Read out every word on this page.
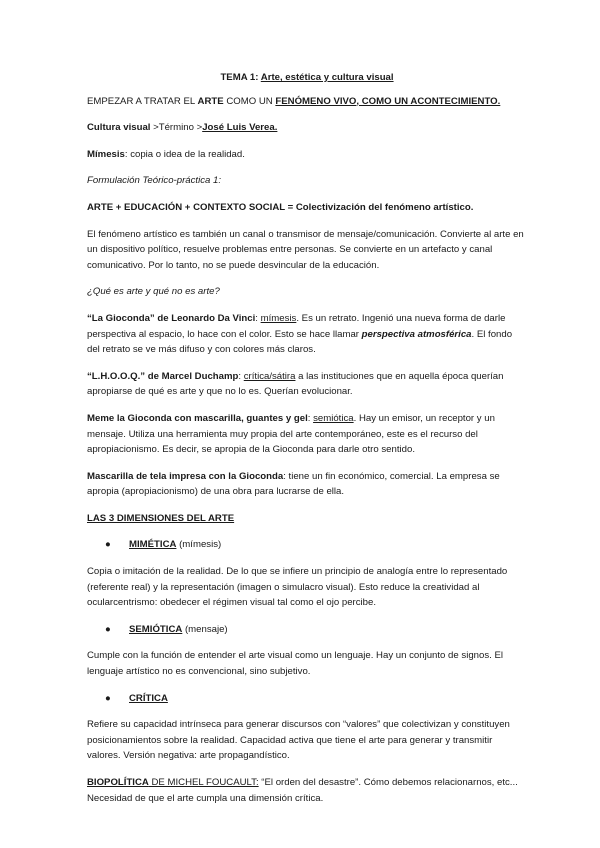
TEMA 1: Arte, estética y cultura visual

EMPEZAR A TRATAR EL ARTE COMO UN FENÓMENO VIVO, COMO UN ACONTECIMIENTO.

Cultura visual >Término >José Luis Verea.

Mímesis: copia o idea de la realidad.

Formulación Teórico-práctica 1:

ARTE + EDUCACIÓN + CONTEXTO SOCIAL = Colectivización del fenómeno artístico.

El fenómeno artístico es también un canal o transmisor de mensaje/comunicación. Convierte al arte en un dispositivo político, resuelve problemas entre personas. Se convierte en un artefacto y canal comunicativo. Por lo tanto, no se puede desvincular de la educación.

¿Qué es arte y qué no es arte?

“La Gioconda” de Leonardo Da Vinci: mímesis. Es un retrato. Ingenió una nueva forma de darle perspectiva al espacio, lo hace con el color. Esto se hace llamar perspectiva atmosférica. El fondo del retrato se ve más difuso y con colores más claros.

“L.H.O.O.Q.” de Marcel Duchamp: crítica/sátira a las instituciones que en aquella época querían apropiarse de qué es arte y que no lo es. Querían evolucionar.

Meme la Gioconda con mascarilla, guantes y gel: semiótica. Hay un emisor, un receptor y un mensaje. Utiliza una herramienta muy propia del arte contemporáneo, este es el recurso del apropiacionismo. Es decir, se apropia de la Gioconda para darle otro sentido.

Mascarilla de tela impresa con la Gioconda: tiene un fin económico, comercial. La empresa se apropia (apropiacionismo) de una obra para lucrarse de ella.

LAS 3 DIMENSIONES DEL ARTE

● MIMÉTICA (mímesis)

Copia o imitación de la realidad. De lo que se infiere un principio de analogía entre lo representado (referente real) y la representación (imagen o simulacro visual). Esto reduce la creatividad al ocularcentrismo: obedecer el régimen visual tal como el ojo percibe.

● SEMIÓTICA (mensaje)

Cumple con la función de entender el arte visual como un lenguaje. Hay un conjunto de signos. El lenguaje artístico no es convencional, sino subjetivo.

● CRÍTICA

Refiere su capacidad intrínseca para generar discursos con “valores” que colectivizan y constituyen posicionamientos sobre la realidad. Capacidad activa que tiene el arte para generar y transmitir valores. Versión negativa: arte propagandístico.

BIOPOLÍTICA DE MICHEL FOUCAULT: “El orden del desastre”. Cómo debemos relacionarnos, etc... Necesidad de que el arte cumpla una dimensión crítica.
